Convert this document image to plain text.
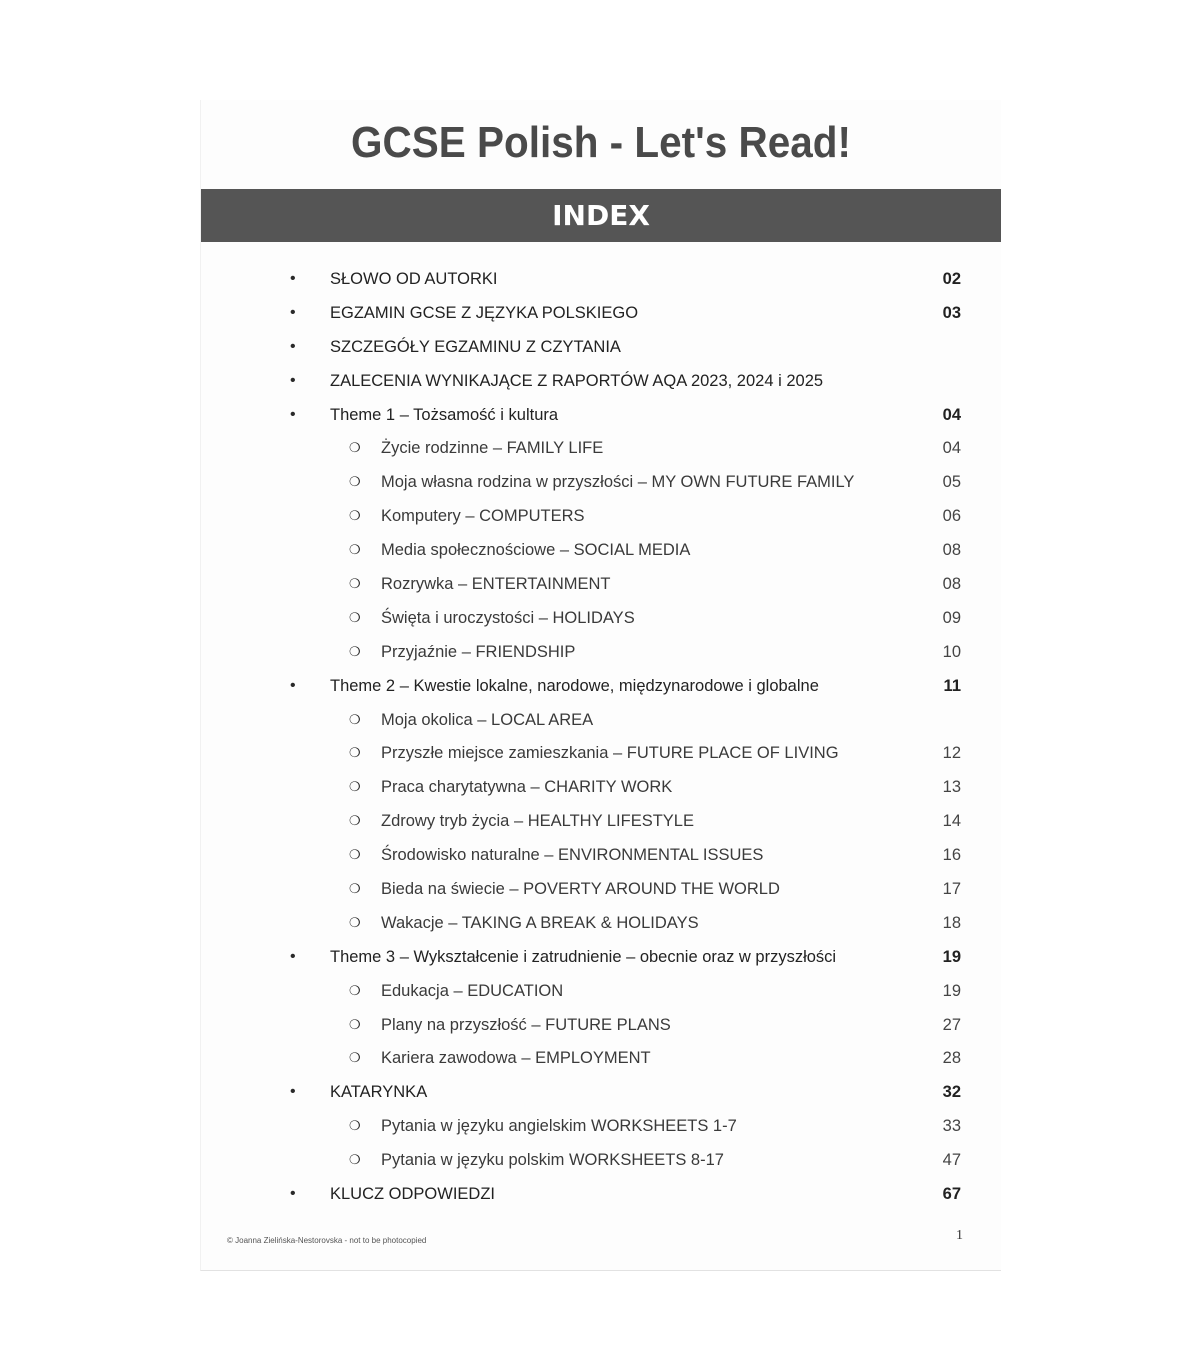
GCSE Polish - Let's Read!
INDEX
• SŁOWO OD AUTORKI	02
• EGZAMIN GCSE Z JĘZYKA POLSKIEGO	03
• SZCZEGÓŁY EGZAMINU Z CZYTANIA
• ZALECENIA WYNIKAJĄCE Z RAPORTÓW AQA 2023, 2024 i 2025
• Theme 1 – Tożsamość i kultura	04
❍ Życie rodzinne – FAMILY LIFE	04
❍ Moja własna rodzina w przyszłości – MY OWN FUTURE FAMILY	05
❍ Komputery – COMPUTERS	06
❍ Media społecznościowe – SOCIAL MEDIA	08
❍ Rozrywka – ENTERTAINMENT	08
❍ Święta i uroczystości – HOLIDAYS	09
❍ Przyjaźnie – FRIENDSHIP	10
• Theme 2 – Kwestie lokalne, narodowe, międzynarodowe i globalne	11
❍ Moja okolica – LOCAL AREA
❍ Przyszłe miejsce zamieszkania – FUTURE PLACE OF LIVING	12
❍ Praca charytatywna – CHARITY WORK	13
❍ Zdrowy tryb życia – HEALTHY LIFESTYLE	14
❍ Środowisko naturalne – ENVIRONMENTAL ISSUES	16
❍ Bieda na świecie – POVERTY AROUND THE WORLD	17
❍ Wakacje – TAKING A BREAK & HOLIDAYS	18
• Theme 3 – Wykształcenie i zatrudnienie – obecnie oraz w przyszłości	19
❍ Edukacja – EDUCATION	19
❍ Plany na przyszłość – FUTURE PLANS	27
❍ Kariera zawodowa – EMPLOYMENT	28
• KATARYNKA	32
❍ Pytania w języku angielskim WORKSHEETS 1-7	33
❍ Pytania w języku polskim WORKSHEETS 8-17	47
• KLUCZ ODPOWIEDZI	67
© Joanna Zielińska-Nestorovska - not to be photocopied	1
